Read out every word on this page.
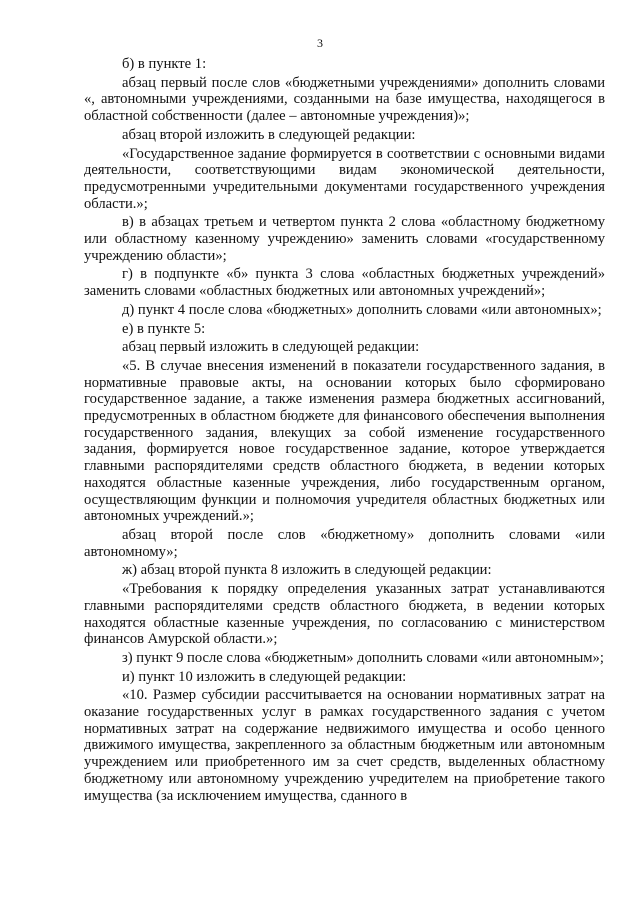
3

б) в пункте 1:

абзац первый после слов «бюджетными учреждениями» дополнить словами «, автономными учреждениями, созданными на базе имущества, находящегося в областной собственности (далее – автономные учреждения)»;

абзац второй изложить в следующей редакции:

«Государственное задание формируется в соответствии с основными видами деятельности, соответствующими видам экономической деятельности, предусмотренными учредительными документами государственного учреждения области.»;

в) в абзацах третьем и четвертом пункта 2 слова «областному бюджетному или областному казенному учреждению» заменить словами «государственному учреждению области»;

г) в подпункте «б» пункта 3 слова «областных бюджетных учреждений» заменить словами «областных бюджетных или автономных учреждений»;

д) пункт 4 после слова «бюджетных» дополнить словами «или автономных»;

е) в пункте 5:

абзац первый изложить в следующей редакции:

«5. В случае внесения изменений в показатели государственного задания, в нормативные правовые акты, на основании которых было сформировано государственное задание, а также изменения размера бюджетных ассигнований, предусмотренных в областном бюджете для финансового обеспечения выполнения государственного задания, влекущих за собой изменение государственного задания, формируется новое государственное задание, которое утверждается главными распорядителями средств областного бюджета, в ведении которых находятся областные казенные учреждения, либо государственным органом, осуществляющим функции и полномочия учредителя областных бюджетных или автономных учреждений.»;

абзац второй после слов «бюджетному» дополнить словами «или автономному»;

ж) абзац второй пункта 8 изложить в следующей редакции:

«Требования к порядку определения указанных затрат устанавливаются главными распорядителями средств областного бюджета, в ведении которых находятся областные казенные учреждения, по согласованию с министерством финансов Амурской области.»;

з) пункт 9 после слова «бюджетным» дополнить словами «или автономным»;

и) пункт 10 изложить в следующей редакции:

«10. Размер субсидии рассчитывается на основании нормативных затрат на оказание государственных услуг в рамках государственного задания с учетом нормативных затрат на содержание недвижимого имущества и особо ценного движимого имущества, закрепленного за областным бюджетным или автономным учреждением или приобретенного им за счет средств, выделенных областному бюджетному или автономному учреждению учредителем на приобретение такого имущества (за исключением имущества, сданного в
